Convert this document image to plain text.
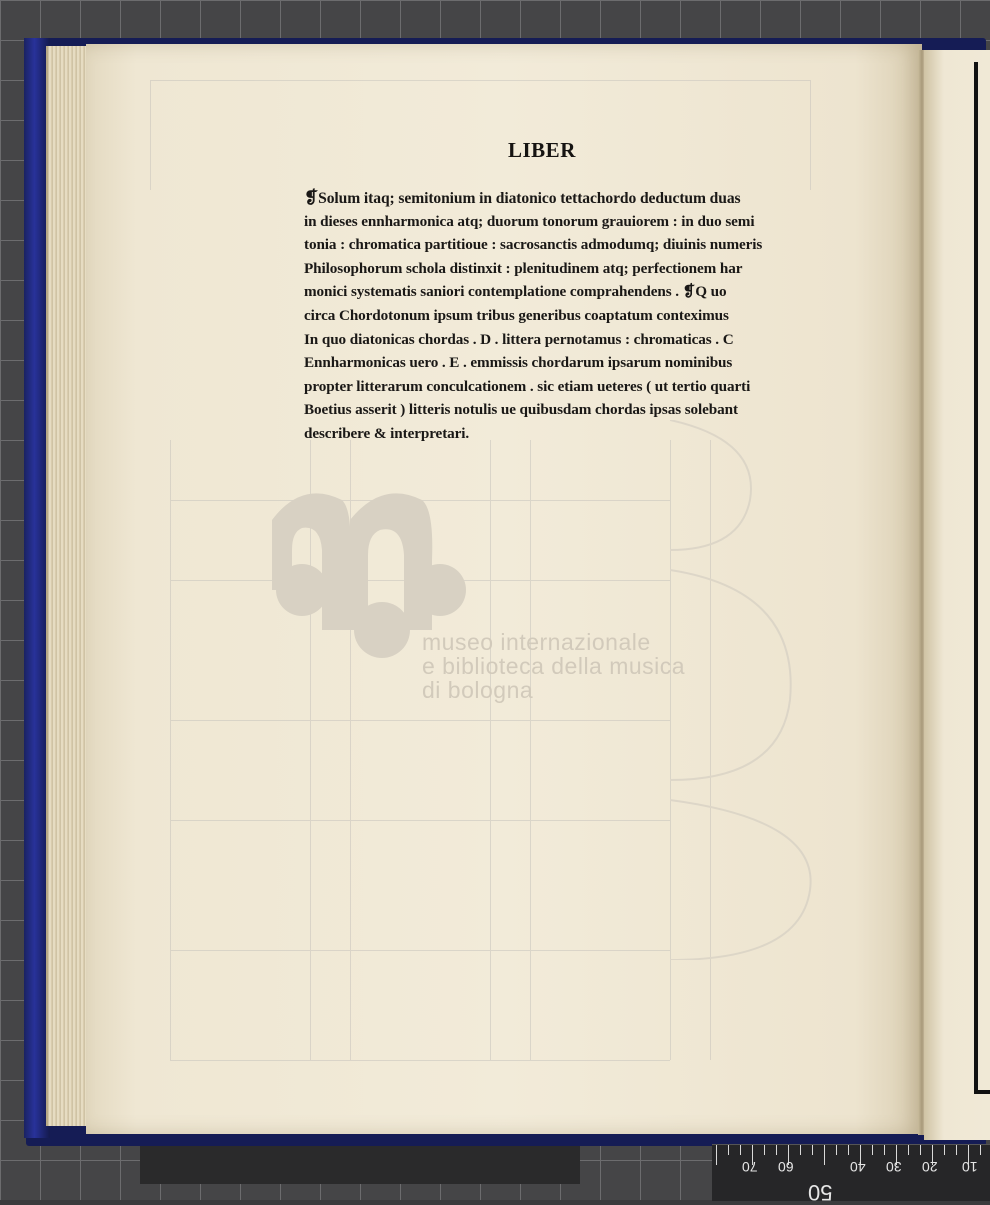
museo internazionale
e biblioteca della musica
di bologna
LIBER
❡Solum itaq; semitonium in diatonico tettachordo deductum duas
in dieses ennharmonica atq; duorum tonorum grauiorem : in duo semi
tonia : chromatica partitioue : sacrosanctis admodumq; diuinis numeris
Philosophorum schola distinxit : plenitudinem atq; perfectionem har
monici systematis saniori contemplatione comprahendens . ❡Q uo
circa Chordotonum ipsum tribus generibus coaptatum conteximus
In quo diatonicas chordas . D . littera pernotamus : chromaticas . C
Ennharmonicas uero . E . emmissis chordarum ipsarum nominibus
propter litterarum conculcationem . sic etiam ueteres ( ut tertio quarti
Boetius asserit ) litteris notulis ue quibusdam chordas ipsas solebant
describere & interpretari.
70 60	40 30 20 10
50
